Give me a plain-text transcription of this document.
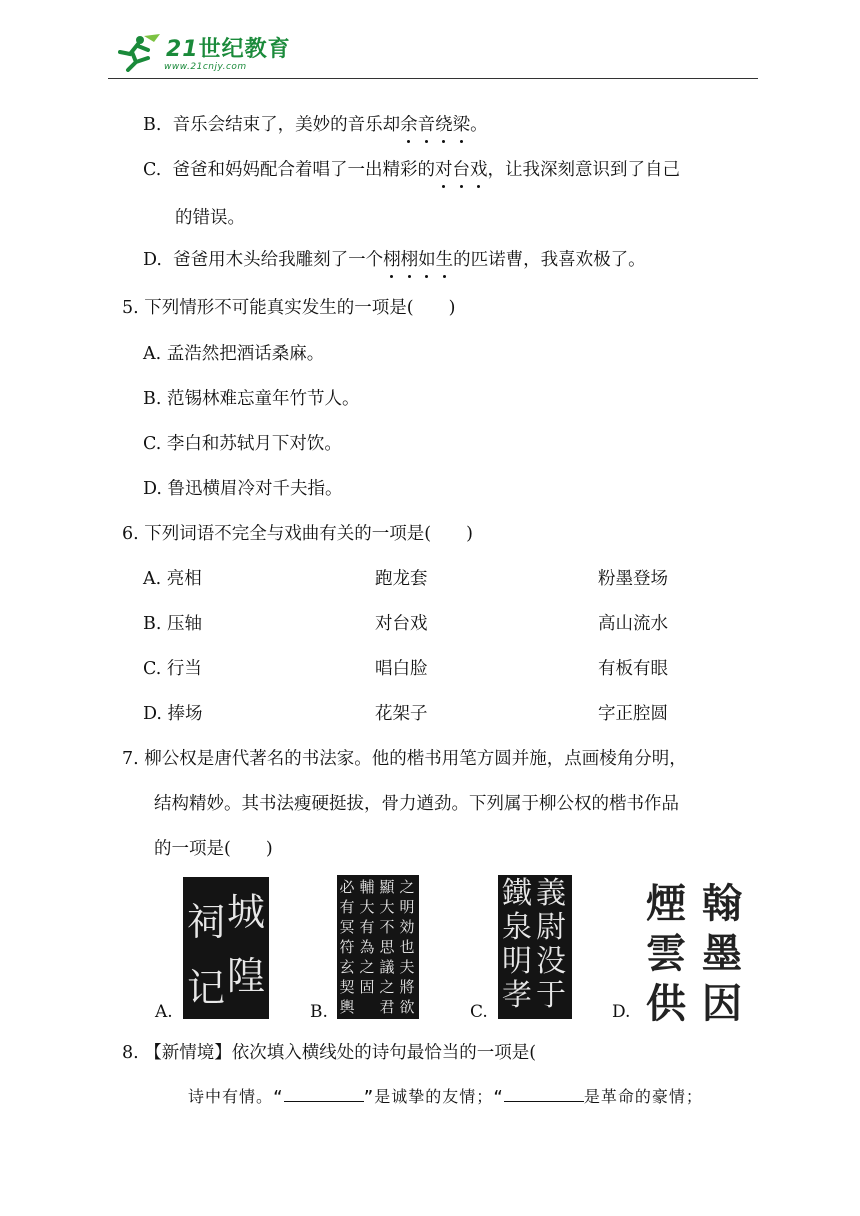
21世纪教育
www.21cnjy.com
B. 音乐会结束了，美妙的音乐却余音绕梁。
C. 爸爸和妈妈配合着唱了一出精彩的对台戏，让我深刻意识到了自己
的错误。
D. 爸爸用木头给我雕刻了一个栩栩如生的匹诺曹，我喜欢极了。
5. 下列情形不可能真实发生的一项是(　　)
A. 孟浩然把酒话桑麻。
B. 范锡林难忘童年竹节人。
C. 李白和苏轼月下对饮。
D. 鲁迅横眉冷对千夫指。
6. 下列词语不完全与戏曲有关的一项是(　　)
A. 亮相	跑龙套	粉墨登场
B. 压轴	对台戏	高山流水
C. 行当	唱白脸	有板有眼
D. 捧场	花架子	字正腔圆
7. 柳公权是唐代著名的书法家。他的楷书用笔方圆并施，点画棱角分明，
结构精妙。其书法瘦硬挺拔，骨力遒劲。下列属于柳公权的楷书作品
的一项是(　　)
城
隍
祠
记
A.
之
明
効
也
夫
將
欲
顯
大
不
思
議
之
君
輔
大
有
為
之
固
必
有
冥
符
玄
契
輿
B.
義
尉
没
于
鐵
泉
明
孝
C.
翰
墨
因
煙
雲
供
D.
8. 【新情境】依次填入横线处的诗句最恰当的一项是(
诗中有情。“	”是诚挚的友情；“	是革命的豪情；
